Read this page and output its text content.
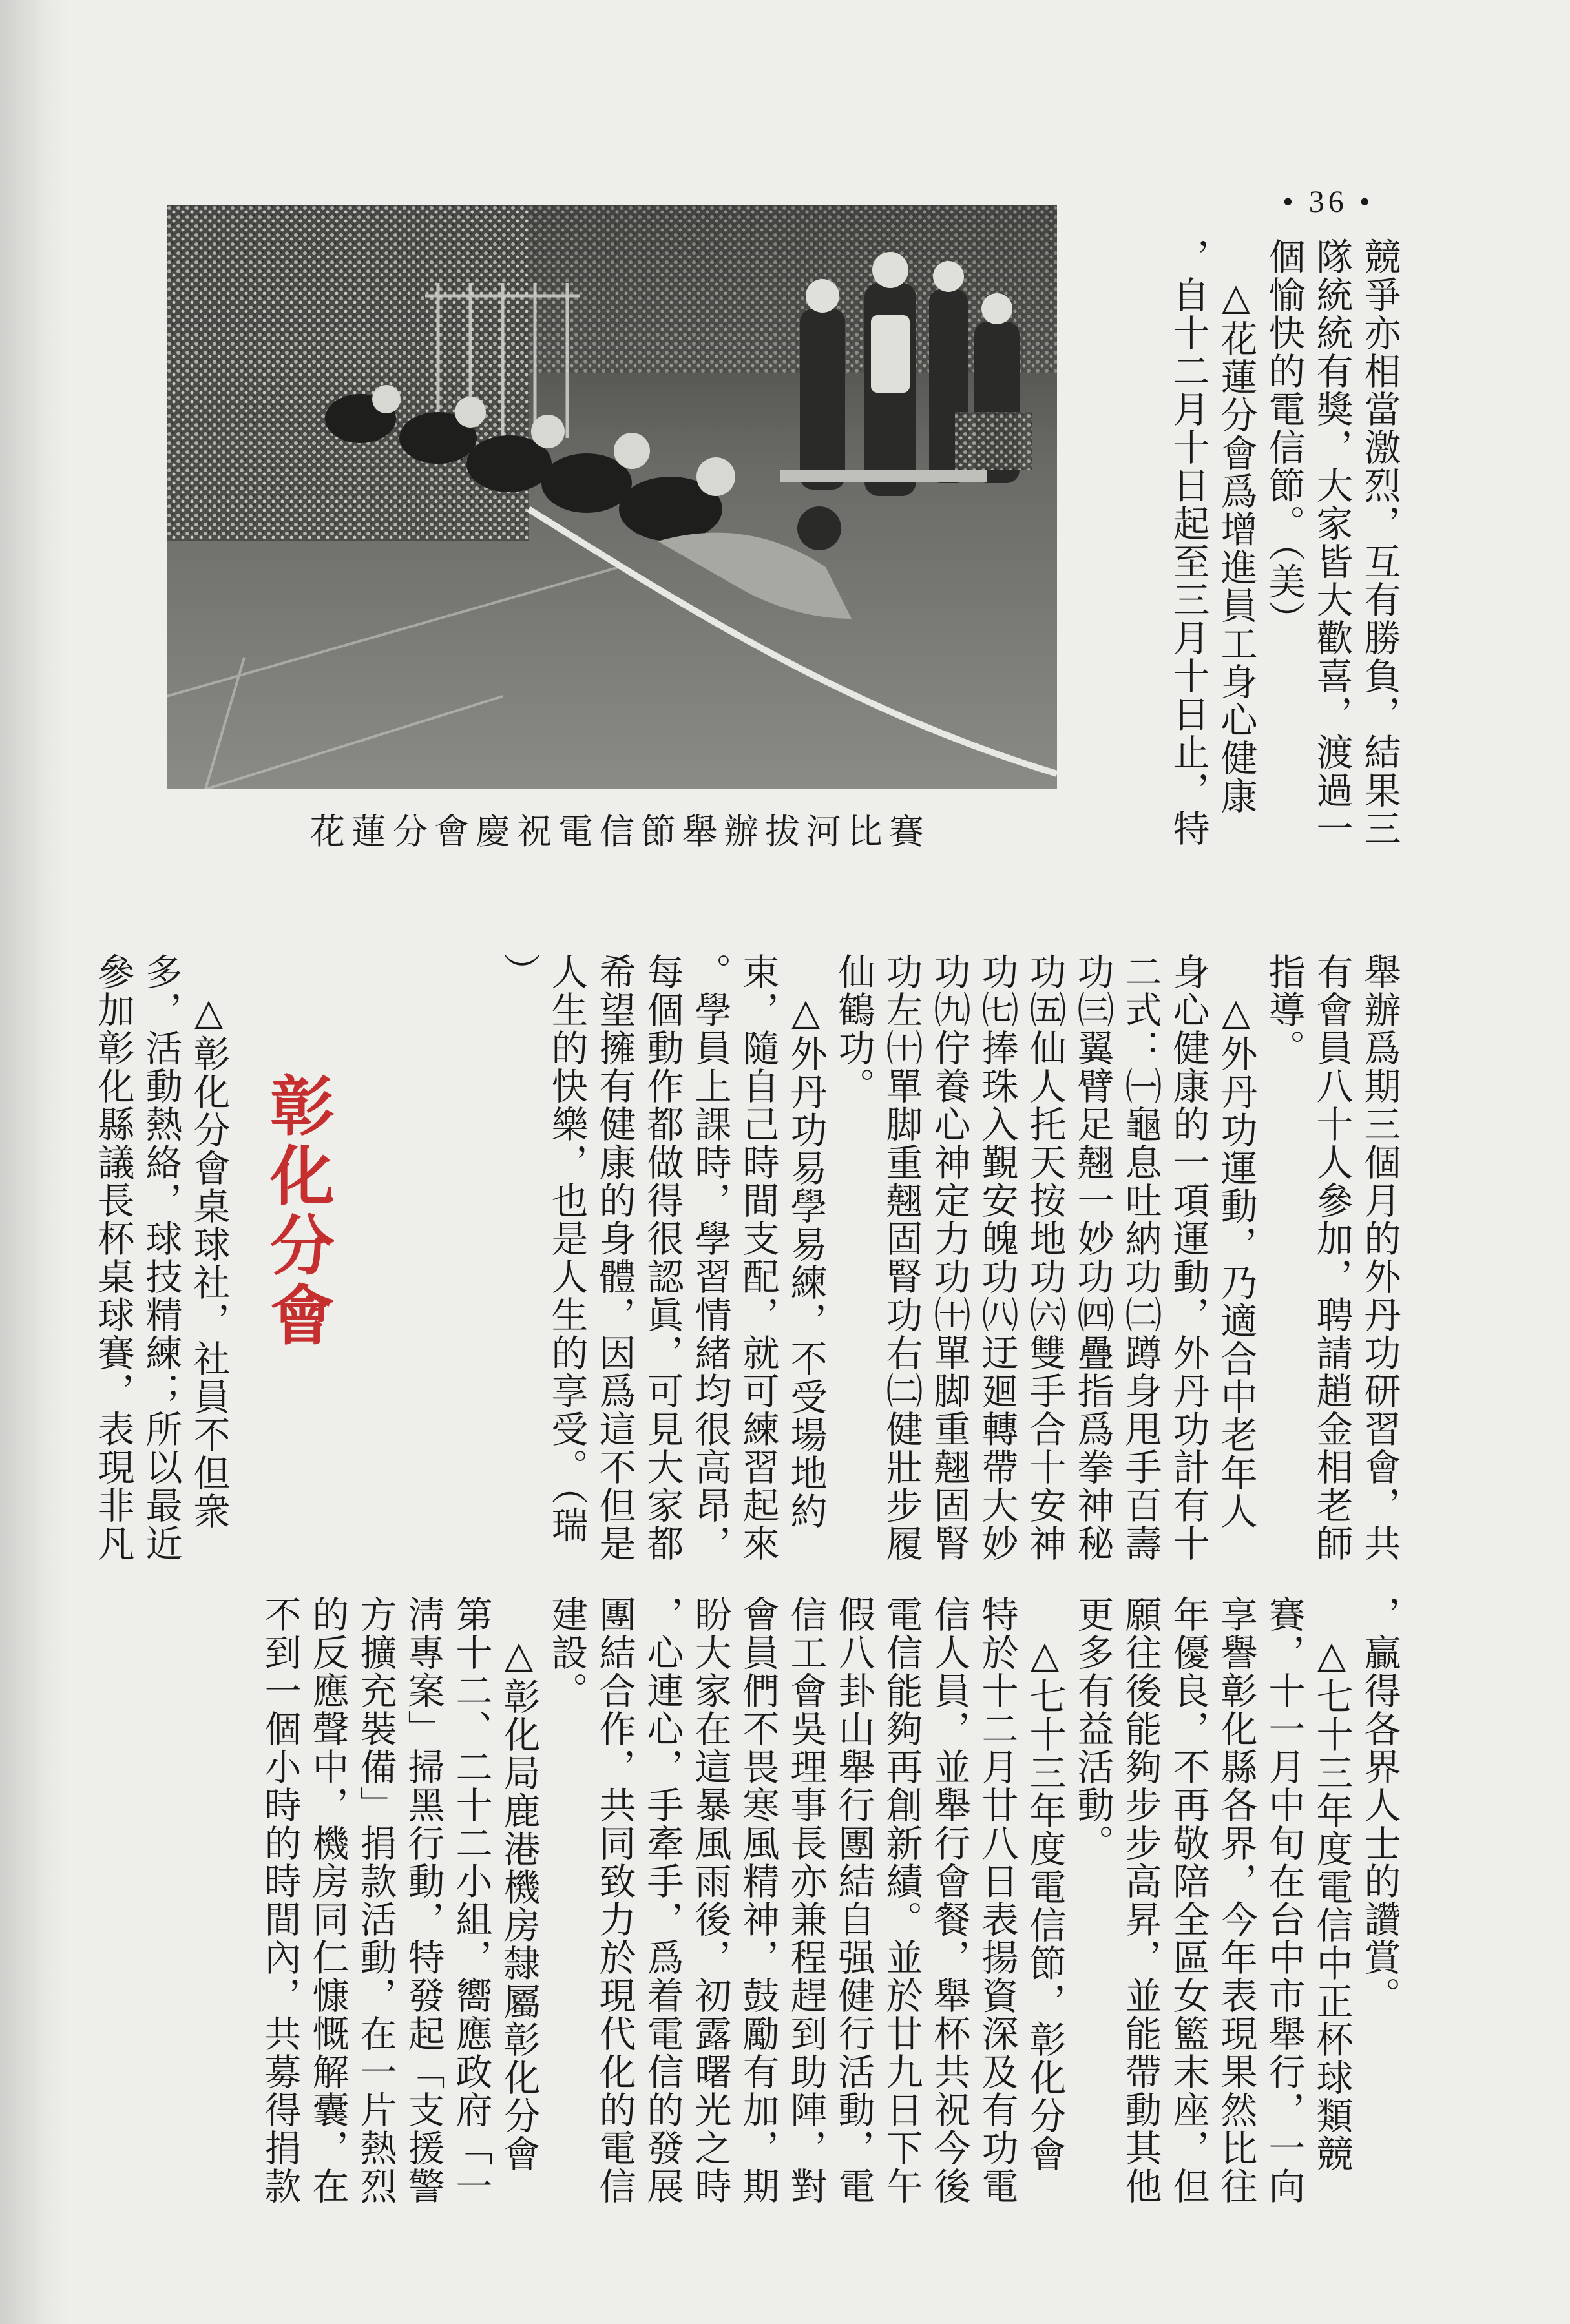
• 36 •

競爭亦相當激烈，互有勝負，結果三

隊統統有獎，大家皆大歡喜，渡過一

個愉快的電信節。（美）

　△花蓮分會爲增進員工身心健康

，自十二月十日起至三月十日止，特

花蓮分會慶祝電信節舉辦拔河比賽

舉辦爲期三個月的外丹功研習會，共

有會員八十人參加，聘請趙金相老師

指導。

　△外丹功運動，乃適合中老年人

身心健康的一項運動，外丹功計有十

二式：㈠龜息吐納功㈡蹲身甩手百壽

功㈢翼臂足翹一妙功㈣疊指爲拳神秘

功㈤仙人托天按地功㈥雙手合十安神

功㈦捧珠入覲安魄功㈧迂廻轉帶大妙

功㈨佇養心神定力功㈩單脚重翹固腎

功左㈩單脚重翹固腎功右㈡健壯步履

仙鶴功。

　△外丹功易學易練，不受場地約

束，隨自己時間支配，就可練習起來

。學員上課時，學習情緒均很高昂，

每個動作都做得很認眞，可見大家都

希望擁有健康的身體，因爲這不但是

人生的快樂，也是人生的享受。（瑞

）

彰化分會

　△彰化分會桌球社，社員不但衆

多，活動熱絡，球技精練；所以最近

參加彰化縣議長杯桌球賽，表現非凡

，贏得各界人士的讚賞。

　△七十三年度電信中正杯球類競

賽，十一月中旬在台中市舉行，一向

享譽彰化縣各界，今年表現果然比往

年優良，不再敬陪全區女籃末座，但

願往後能夠步步高昇，並能帶動其他

更多有益活動。

　△七十三年度電信節，彰化分會

特於十二月廿八日表揚資深及有功電

信人員，並舉行會餐，舉杯共祝今後

電信能夠再創新績。並於廿九日下午

假八卦山舉行團結自强健行活動，電

信工會吳理事長亦兼程趕到助陣，對

會員們不畏寒風精神，鼓勵有加，期

盼大家在這暴風雨後，初露曙光之時

，心連心，手牽手，爲着電信的發展

團結合作，共同致力於現代化的電信

建設。

　△彰化局鹿港機房隸屬彰化分會

第十二、二十二小組，嚮應政府「一

淸專案」掃黑行動，特發起「支援警

方擴充裝備」捐款活動，在一片熱烈

的反應聲中，機房同仁慷慨解囊，在

不到一個小時的時間內，共募得捐款
